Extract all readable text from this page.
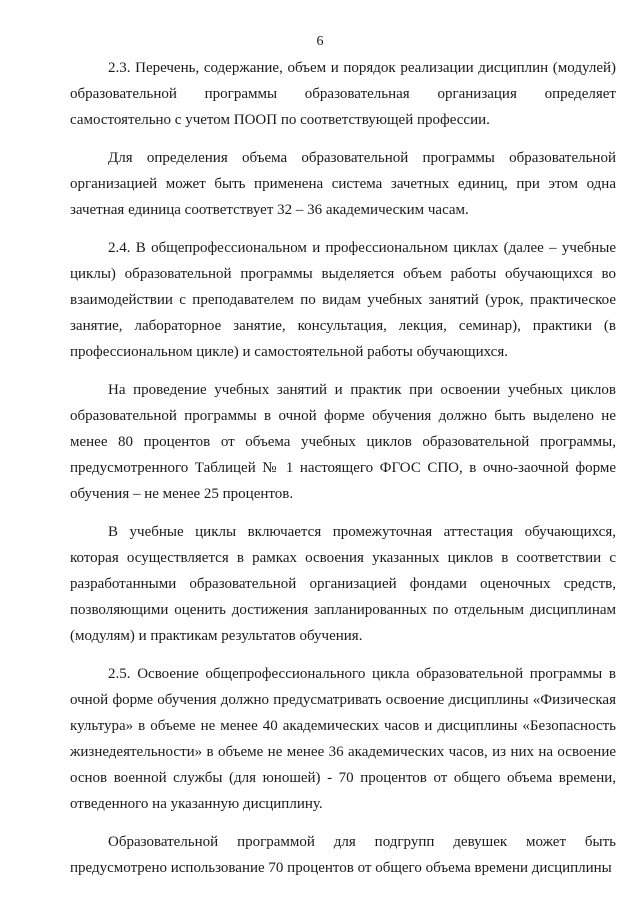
6

2.3. Перечень, содержание, объем и порядок реализации дисциплин (модулей) образовательной программы образовательная организация определяет самостоятельно с учетом ПООП по соответствующей профессии.

Для определения объема образовательной программы образовательной организацией может быть применена система зачетных единиц, при этом одна зачетная единица соответствует 32 – 36 академическим часам.

2.4. В общепрофессиональном и профессиональном циклах (далее – учебные циклы) образовательной программы выделяется объем работы обучающихся во взаимодействии с преподавателем по видам учебных занятий (урок, практическое занятие, лабораторное занятие, консультация, лекция, семинар), практики (в профессиональном цикле) и самостоятельной работы обучающихся.

На проведение учебных занятий и практик при освоении учебных циклов образовательной программы в очной форме обучения должно быть выделено не менее 80 процентов от объема учебных циклов образовательной программы, предусмотренного Таблицей № 1 настоящего ФГОС СПО, в очно-заочной форме обучения – не менее 25 процентов.

В учебные циклы включается промежуточная аттестация обучающихся, которая осуществляется в рамках освоения указанных циклов в соответствии с разработанными образовательной организацией фондами оценочных средств, позволяющими оценить достижения запланированных по отдельным дисциплинам (модулям) и практикам результатов обучения.

2.5. Освоение общепрофессионального цикла образовательной программы в очной форме обучения должно предусматривать освоение дисциплины «Физическая культура» в объеме не менее 40 академических часов и дисциплины «Безопасность жизнедеятельности» в объеме не менее 36 академических часов, из них на освоение основ военной службы (для юношей) - 70 процентов от общего объема времени, отведенного на указанную дисциплину.

Образовательной программой для подгрупп девушек может быть предусмотрено использование 70 процентов от общего объема времени дисциплины
